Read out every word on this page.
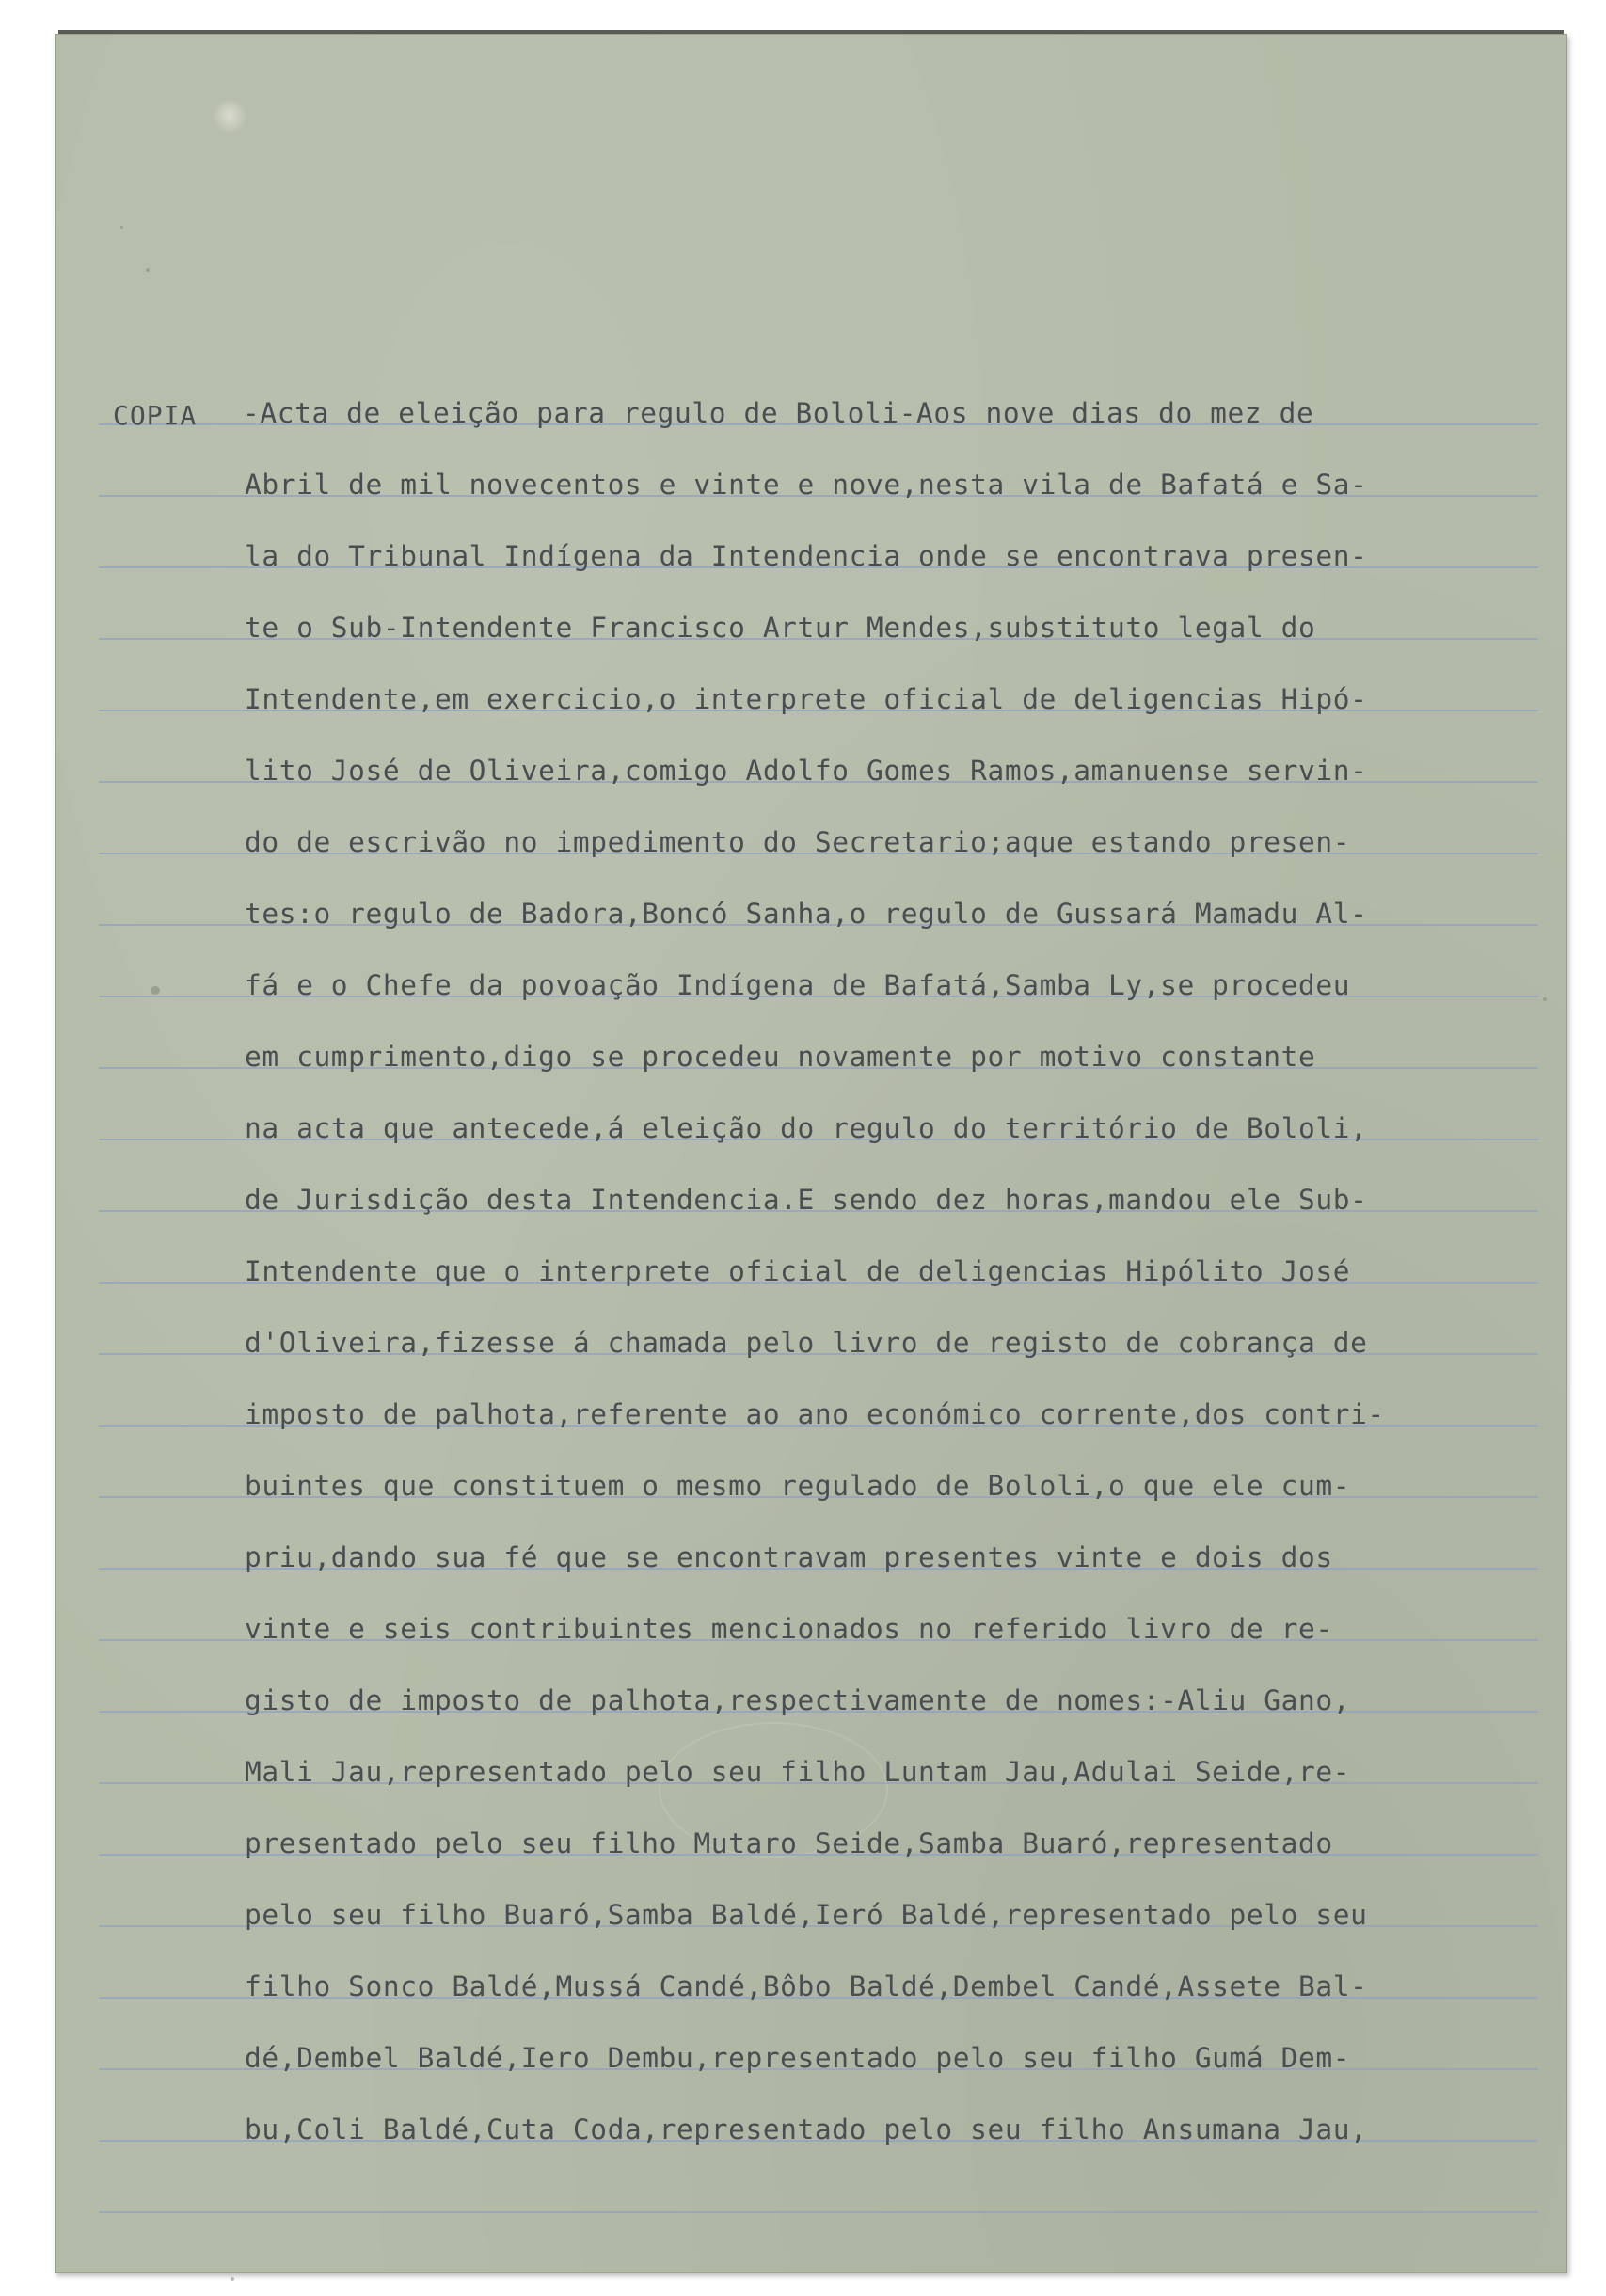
COPIA -Acta de eleição para regulo de Bololi-Aos nove dias do mez de
Abril de mil novecentos e vinte e nove,nesta vila de Bafatá e Sa-
la do Tribunal Indígena da Intendencia onde se encontrava presen-
te o Sub-Intendente Francisco Artur Mendes,substituto legal do
Intendente,em exercicio,o interprete oficial de deligencias Hipó-
lito José de Oliveira,comigo Adolfo Gomes Ramos,amanuense servin-
do de escrivão no impedimento do Secretario;aque estando presen-
tes:o regulo de Badora,Boncó Sanha,o regulo de Gussará Mamadu Al-
fá e o Chefe da povoação Indígena de Bafatá,Samba Ly,se procedeu
em cumprimento,digo se procedeu novamente por motivo constante
na acta que antecede,á eleição do regulo do território de Bololi,
de Jurisdição desta Intendencia.E sendo dez horas,mandou ele Sub-
Intendente que o interprete oficial de deligencias Hipólito José
d'Oliveira,fizesse á chamada pelo livro de registo de cobrança de
imposto de palhota,referente ao ano económico corrente,dos contri-
buintes que constituem o mesmo regulado de Bololi,o que ele cum-
priu,dando sua fé que se encontravam presentes vinte e dois dos
vinte e seis contribuintes mencionados no referido livro de re-
gisto de imposto de palhota,respectivamente de nomes:-Aliu Gano,
Mali Jau,representado pelo seu filho Luntam Jau,Adulai Seide,re-
presentado pelo seu filho Mutaro Seide,Samba Buaró,representado
pelo seu filho Buaró,Samba Baldé,Ieró Baldé,representado pelo seu
filho Sonco Baldé,Mussá Candé,Bôbo Baldé,Dembel Candé,Assete Bal-
dé,Dembel Baldé,Iero Dembu,representado pelo seu filho Gumá Dem-
bu,Coli Baldé,Cuta Coda,representado pelo seu filho Ansumana Jau,
